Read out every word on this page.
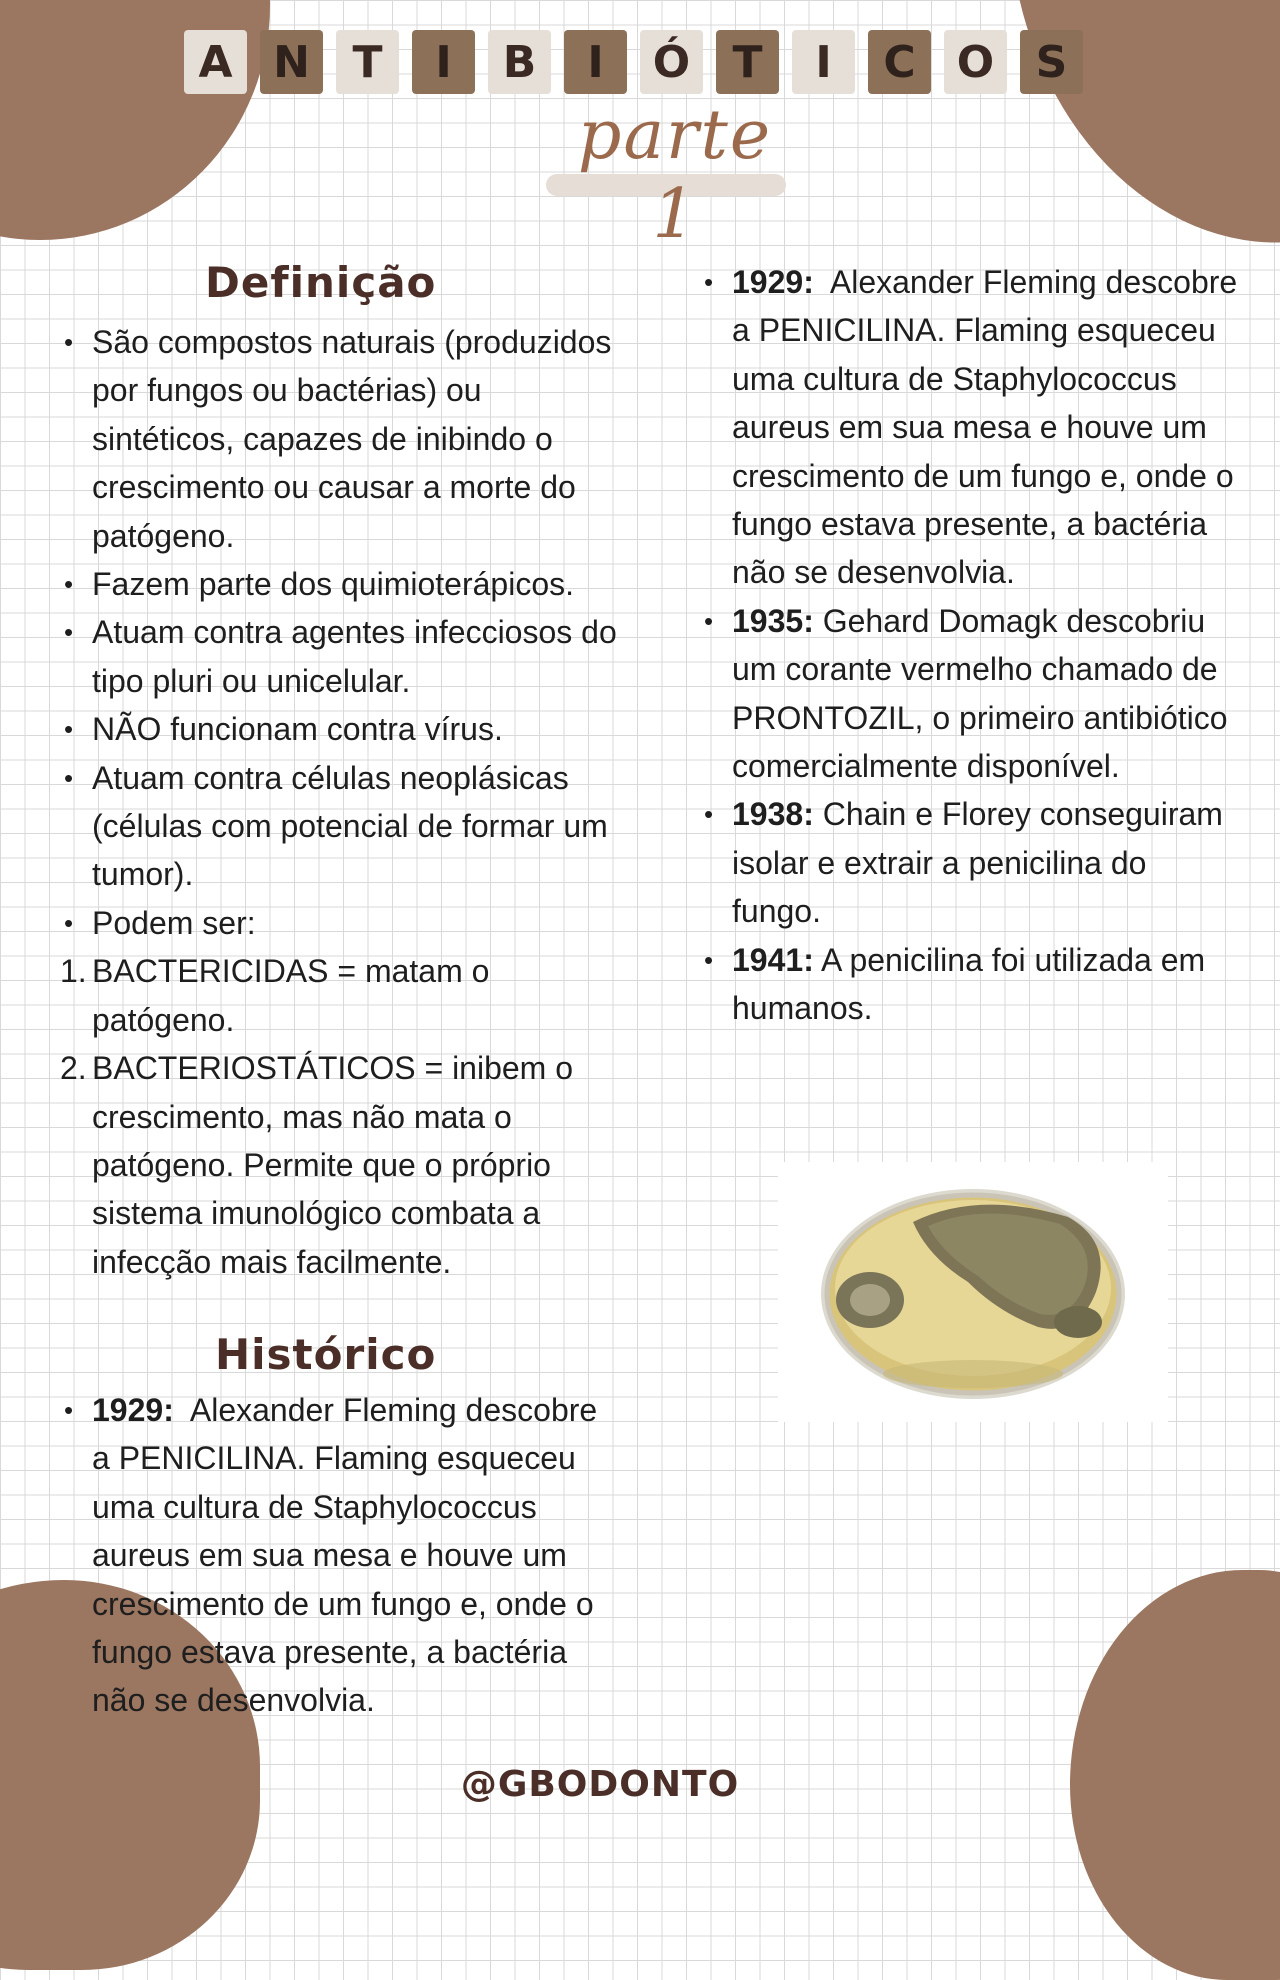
A N T	I	B	I	Ó T	I	C O S
parte 1
Definição
• São compostos naturais (produzidos por fungos ou bactérias) ou sintéticos, capazes de inibindo o crescimento ou causar a morte do patógeno.
• Fazem parte dos quimioterápicos.
• Atuam contra agentes infecciosos do tipo pluri ou unicelular.
• NÃO funcionam contra vírus.
• Atuam contra células neoplásicas (células com potencial de formar um tumor).
• Podem ser:
1. BACTERICIDAS = matam o patógeno.
2. BACTERIOSTÁTICOS = inibem o crescimento, mas não mata o patógeno. Permite que o próprio sistema imunológico combata a infecção mais facilmente.
Histórico
• 1929: Alexander Fleming descobre a PENICILINA. Flaming esqueceu uma cultura de Staphylococcus aureus em sua mesa e houve um crescimento de um fungo e, onde o fungo estava presente, a bactéria não se desenvolvia.
• 1929: Alexander Fleming descobre a PENICILINA. Flaming esqueceu uma cultura de Staphylococcus aureus em sua mesa e houve um crescimento de um fungo e, onde o fungo estava presente, a bactéria não se desenvolvia.
• 1935: Gehard Domagk descobriu um corante vermelho chamado de PRONTOZIL, o primeiro antibiótico comercialmente disponível.
• 1938: Chain e Florey conseguiram isolar e extrair a penicilina do fungo.
• 1941: A penicilina foi utilizada em humanos.
@GBODONTO
